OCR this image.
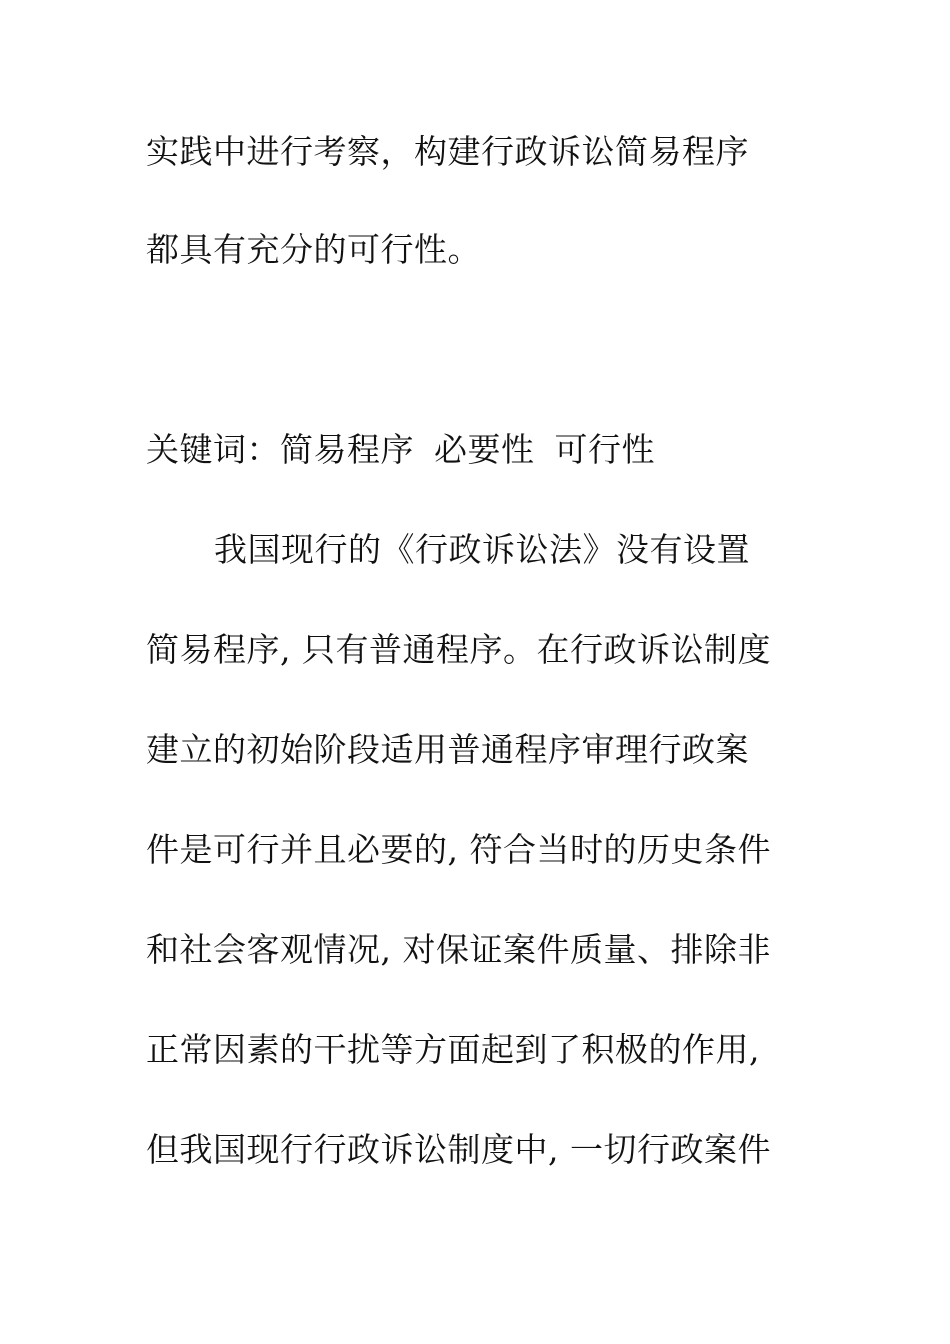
实践中进行考察，构建行政诉讼简易程序
都具有充分的可行性。
关键词：简易程序 必要性 可行性
我国现行的《行政诉讼法》没有设置
简易程序, 只有普通程序。在行政诉讼制度
建立的初始阶段适用普通程序审理行政案
件是可行并且必要的, 符合当时的历史条件
和社会客观情况, 对保证案件质量、排除非
正常因素的干扰等方面起到了积极的作用,
但我国现行行政诉讼制度中, 一切行政案件
